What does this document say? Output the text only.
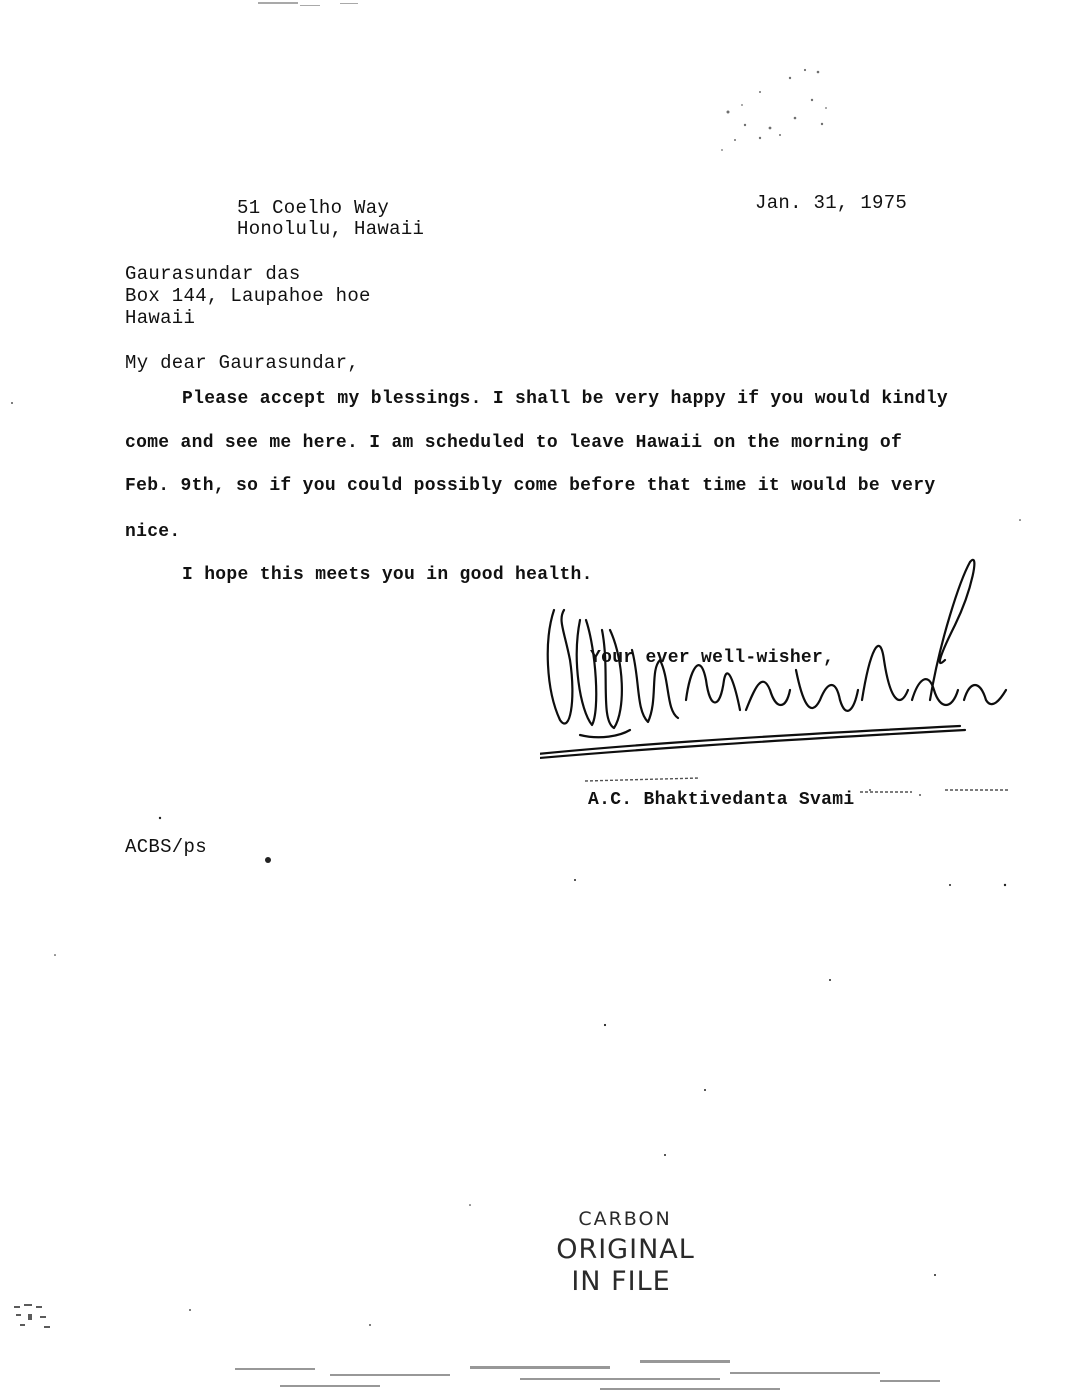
Jan. 31, 1975
51 Coelho Way
Honolulu, Hawaii
Gaurasundar das
Box 144, Laupahoe hoe
Hawaii
My dear Gaurasundar,
Please accept my blessings. I shall be very happy if you would kindly
come and see me here. I am scheduled to leave Hawaii on the morning of
Feb. 9th, so if you could possibly come before that time it would be very
nice.
I hope this meets you in good health.
Your ever well-wisher,
A.C. Bhaktivedanta Svami
ACBS/ps
CARBON
ORIGINAL
IN FILE
